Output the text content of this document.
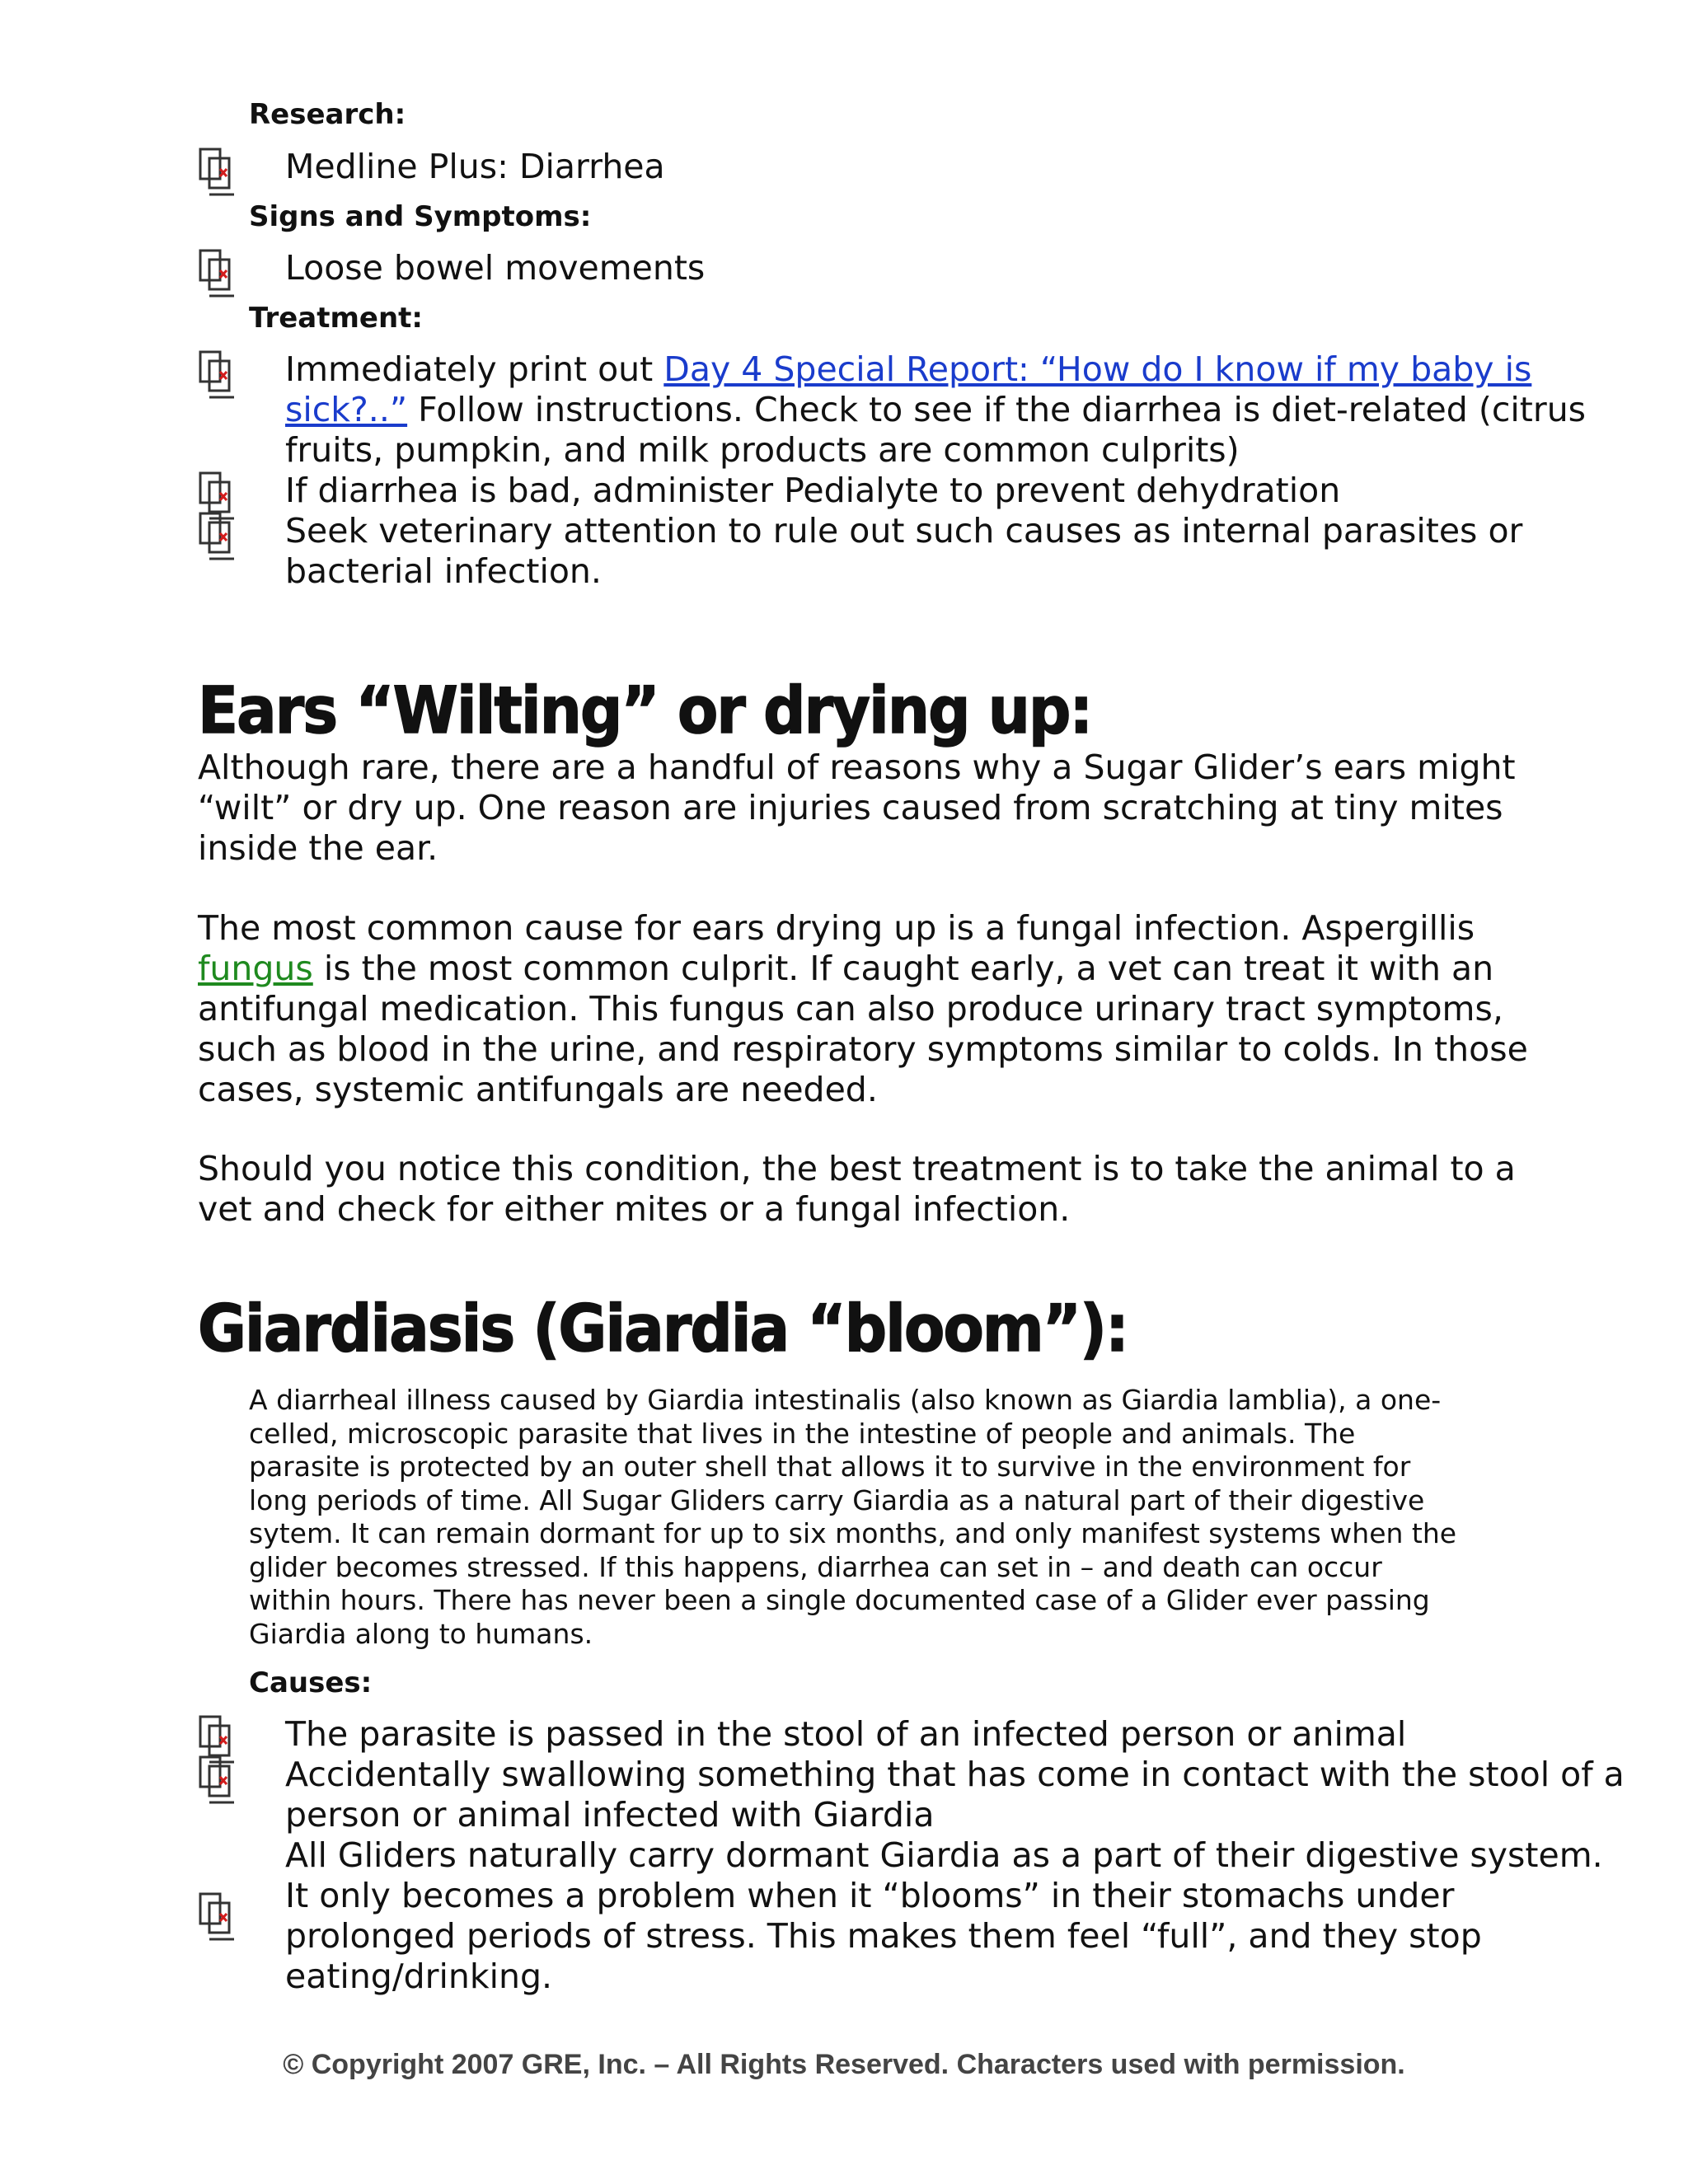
Research:
Medline Plus: Diarrhea
Signs and Symptoms:
Loose bowel movements
Treatment:
Immediately print out Day 4 Special Report: “How do I know if my baby is sick?..” Follow instructions. Check to see if the diarrhea is diet-related (citrus fruits, pumpkin, and milk products are common culprits)
If diarrhea is bad, administer Pedialyte to prevent dehydration
Seek veterinary attention to rule out such causes as internal parasites or bacterial infection.
Ears “Wilting” or drying up:

Although rare, there are a handful of reasons why a Sugar Glider’s ears might “wilt” or dry up. One reason are injuries caused from scratching at tiny mites inside the ear.

The most common cause for ears drying up is a fungal infection. Aspergillis fungus is the most common culprit. If caught early, a vet can treat it with an antifungal medication. This fungus can also produce urinary tract symptoms, such as blood in the urine, and respiratory symptoms similar to colds. In those cases, systemic antifungals are needed.

Should you notice this condition, the best treatment is to take the animal to a vet and check for either mites or a fungal infection.

Giardiasis (Giardia “bloom”):

A diarrheal illness caused by Giardia intestinalis (also known as Giardia lamblia), a one-celled, microscopic parasite that lives in the intestine of people and animals. The parasite is protected by an outer shell that allows it to survive in the environment for long periods of time. All Sugar Gliders carry Giardia as a natural part of their digestive sytem. It can remain dormant for up to six months, and only manifest systems when the glider becomes stressed. If this happens, diarrhea can set in – and death can occur within hours. There has never been a single documented case of a Glider ever passing Giardia along to humans.

Causes:
The parasite is passed in the stool of an infected person or animal
Accidentally swallowing something that has come in contact with the stool of a person or animal infected with Giardia
All Gliders naturally carry dormant Giardia as a part of their digestive system. It only becomes a problem when it “blooms” in their stomachs under prolonged periods of stress. This makes them feel “full”, and they stop eating/drinking.

© Copyright 2007 GRE, Inc. – All Rights Reserved. Characters used with permission.
